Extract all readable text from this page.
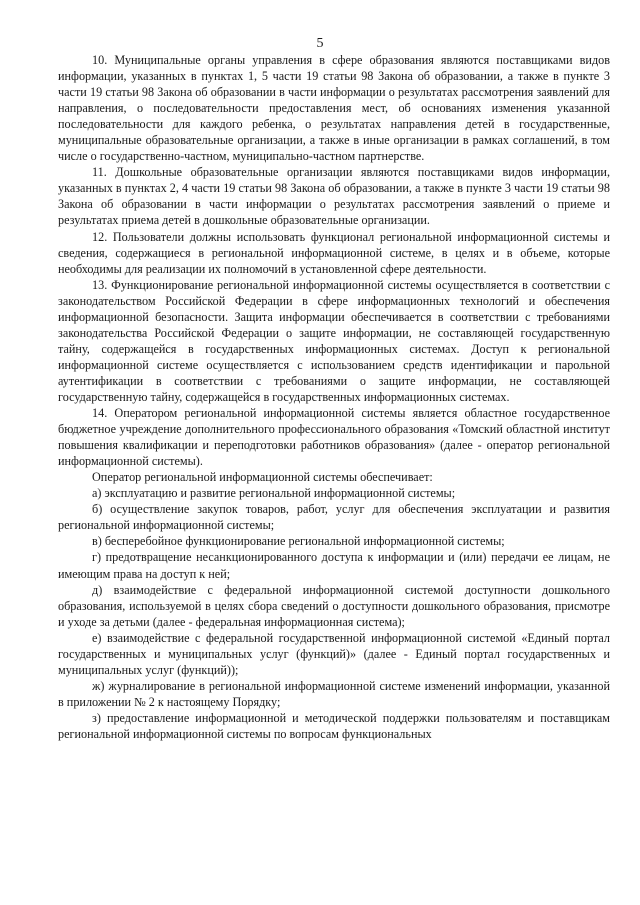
5

10. Муниципальные органы управления в сфере образования являются поставщиками видов информации, указанных в пунктах 1, 5 части 19 статьи 98 Закона об образовании, а также в пункте 3 части 19 статьи 98 Закона об образовании в части информации о результатах рассмотрения заявлений для направления, о последовательности предоставления мест, об основаниях изменения указанной последовательности для каждого ребенка, о результатах направления детей в государственные, муниципальные образовательные организации, а также в иные организации в рамках соглашений, в том числе о государственно-частном, муниципально-частном партнерстве.

11. Дошкольные образовательные организации являются поставщиками видов информации, указанных в пунктах 2, 4 части 19 статьи 98 Закона об образовании, а также в пункте 3 части 19 статьи 98 Закона об образовании в части информации о результатах рассмотрения заявлений о приеме и результатах приема детей в дошкольные образовательные организации.

12. Пользователи должны использовать функционал региональной информационной системы и сведения, содержащиеся в региональной информационной системе, в целях и в объеме, которые необходимы для реализации их полномочий в установленной сфере деятельности.

13. Функционирование региональной информационной системы осуществляется в соответствии с законодательством Российской Федерации в сфере информационных технологий и обеспечения информационной безопасности. Защита информации обеспечивается в соответствии с требованиями законодательства Российской Федерации о защите информации, не составляющей государственную тайну, содержащейся в государственных информационных системах. Доступ к региональной информационной системе осуществляется с использованием средств идентификации и парольной аутентификации в соответствии с требованиями о защите информации, не составляющей государственную тайну, содержащейся в государственных информационных системах.

14. Оператором региональной информационной системы является областное государственное бюджетное учреждение дополнительного профессионального образования «Томский областной институт повышения квалификации и переподготовки работников образования» (далее - оператор региональной информационной системы).

Оператор региональной информационной системы обеспечивает:

а) эксплуатацию и развитие региональной информационной системы;

б) осуществление закупок товаров, работ, услуг для обеспечения эксплуатации и развития региональной информационной системы;

в) бесперебойное функционирование региональной информационной системы;

г) предотвращение несанкционированного доступа к информации и (или) передачи ее лицам, не имеющим права на доступ к ней;

д) взаимодействие с федеральной информационной системой доступности дошкольного образования, используемой в целях сбора сведений о доступности дошкольного образования, присмотре и уходе за детьми (далее - федеральная информационная система);

е) взаимодействие с федеральной государственной информационной системой «Единый портал государственных и муниципальных услуг (функций)» (далее - Единый портал государственных и муниципальных услуг (функций));

ж) журналирование в региональной информационной системе изменений информации, указанной в приложении № 2 к настоящему Порядку;

з) предоставление информационной и методической поддержки пользователям и поставщикам региональной информационной системы по вопросам функциональных
